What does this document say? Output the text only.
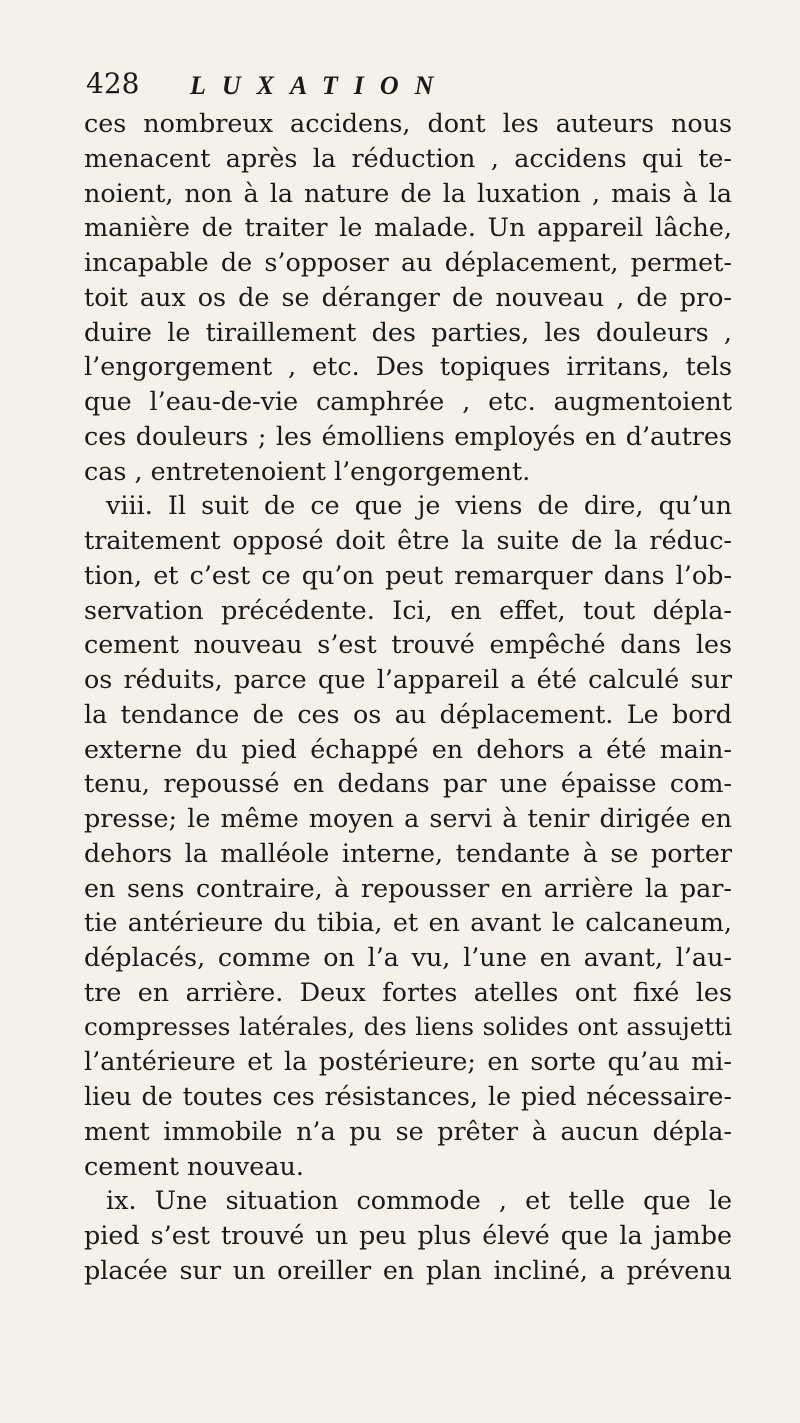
428 LUXATION
ces nombreux accidens, dont les auteurs nous
menacent après la réduction , accidens qui te-
noient, non à la nature de la luxation , mais à la
manière de traiter le malade. Un appareil lâche,
incapable de s’opposer au déplacement, permet-
toit aux os de se déranger de nouveau , de pro-
duire le tiraillement des parties, les douleurs ,
l’engorgement , etc. Des topiques irritans, tels
que l’eau-de-vie camphrée , etc. augmentoient
ces douleurs ; les émolliens employés en d’autres
cas , entretenoient l’engorgement.
viii. Il suit de ce que je viens de dire, qu’un
traitement opposé doit être la suite de la réduc-
tion, et c’est ce qu’on peut remarquer dans l’ob-
servation précédente. Ici, en effet, tout dépla-
cement nouveau s’est trouvé empêché dans les
os réduits, parce que l’appareil a été calculé sur
la tendance de ces os au déplacement. Le bord
externe du pied échappé en dehors a été main-
tenu, repoussé en dedans par une épaisse com-
presse; le même moyen a servi à tenir dirigée en
dehors la malléole interne, tendante à se porter
en sens contraire, à repousser en arrière la par-
tie antérieure du tibia, et en avant le calcaneum,
déplacés, comme on l’a vu, l’une en avant, l’au-
tre en arrière. Deux fortes atelles ont fixé les
compresses latérales, des liens solides ont assujetti
l’antérieure et la postérieure; en sorte qu’au mi-
lieu de toutes ces résistances, le pied nécessaire-
ment immobile n’a pu se prêter à aucun dépla-
cement nouveau.
ix. Une situation commode , et telle que le
pied s’est trouvé un peu plus élevé que la jambe
placée sur un oreiller en plan incliné, a prévenu
